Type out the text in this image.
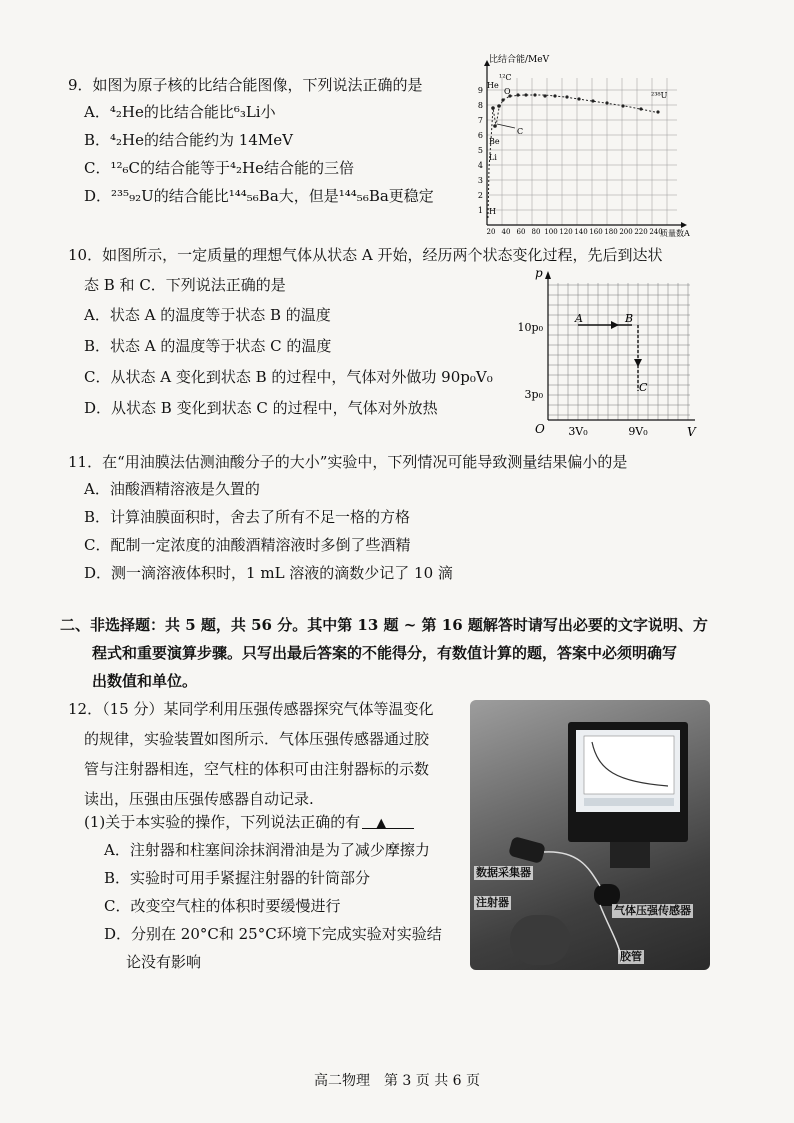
9．如图为原子核的比结合能图像，下列说法正确的是
A．⁴₂He的比结合能比⁶₃Li小
B．⁴₂He的结合能约为 14MeV
C．¹²₆C的结合能等于⁴₂He结合能的三倍
D．²³⁵₉₂U的结合能比¹⁴⁴₅₆Ba大，但是¹⁴⁴₅₆Ba更稳定
比结合能/MeV
质量数A
9
8
7
6
5
4
3
2
1
20 40 60 80 100 120 140 160 180 200 220 240
He
¹²C
O	²³⁸U
C
Be
Li
H
10．如图所示，一定质量的理想气体从状态 A 开始，经历两个状态变化过程，先后到达状
态 B 和 C．下列说法正确的是
A．状态 A 的温度等于状态 B 的温度
B．状态 A 的温度等于状态 C 的温度
C．从状态 A 变化到状态 B 的过程中，气体对外做功 90p₀V₀
D．从状态 B 变化到状态 C 的过程中，气体对外放热
p
V
O
10p₀
3p₀
3V₀	9V₀
A	B
C
11．在“用油膜法估测油酸分子的大小”实验中，下列情况可能导致测量结果偏小的是
A．油酸酒精溶液是久置的
B．计算油膜面积时，舍去了所有不足一格的方格
C．配制一定浓度的油酸酒精溶液时多倒了些酒精
D．测一滴溶液体积时，1 mL 溶液的滴数少记了 10 滴
二、非选择题：共 5 题，共 56 分。其中第 13 题 ~ 第 16 题解答时请写出必要的文字说明、方
程式和重要演算步骤。只写出最后答案的不能得分，有数值计算的题，答案中必须明确写
出数值和单位。
12．（15 分）某同学利用压强传感器探究气体等温变化
的规律，实验装置如图所示．气体压强传感器通过胶
管与注射器相连，空气柱的体积可由注射器标的示数
读出，压强由压强传感器自动记录.
(1)关于本实验的操作，下列说法正确的有 ▲
A．注射器和柱塞间涂抹润滑油是为了减少摩擦力
B．实验时可用手紧握注射器的针筒部分
C．改变空气柱的体积时要缓慢进行
D．分别在 20°C和 25°C环境下完成实验对实验结
论没有影响
数据采集器
注射器
气体压强传感器
胶管
高二物理　第 3 页 共 6 页
